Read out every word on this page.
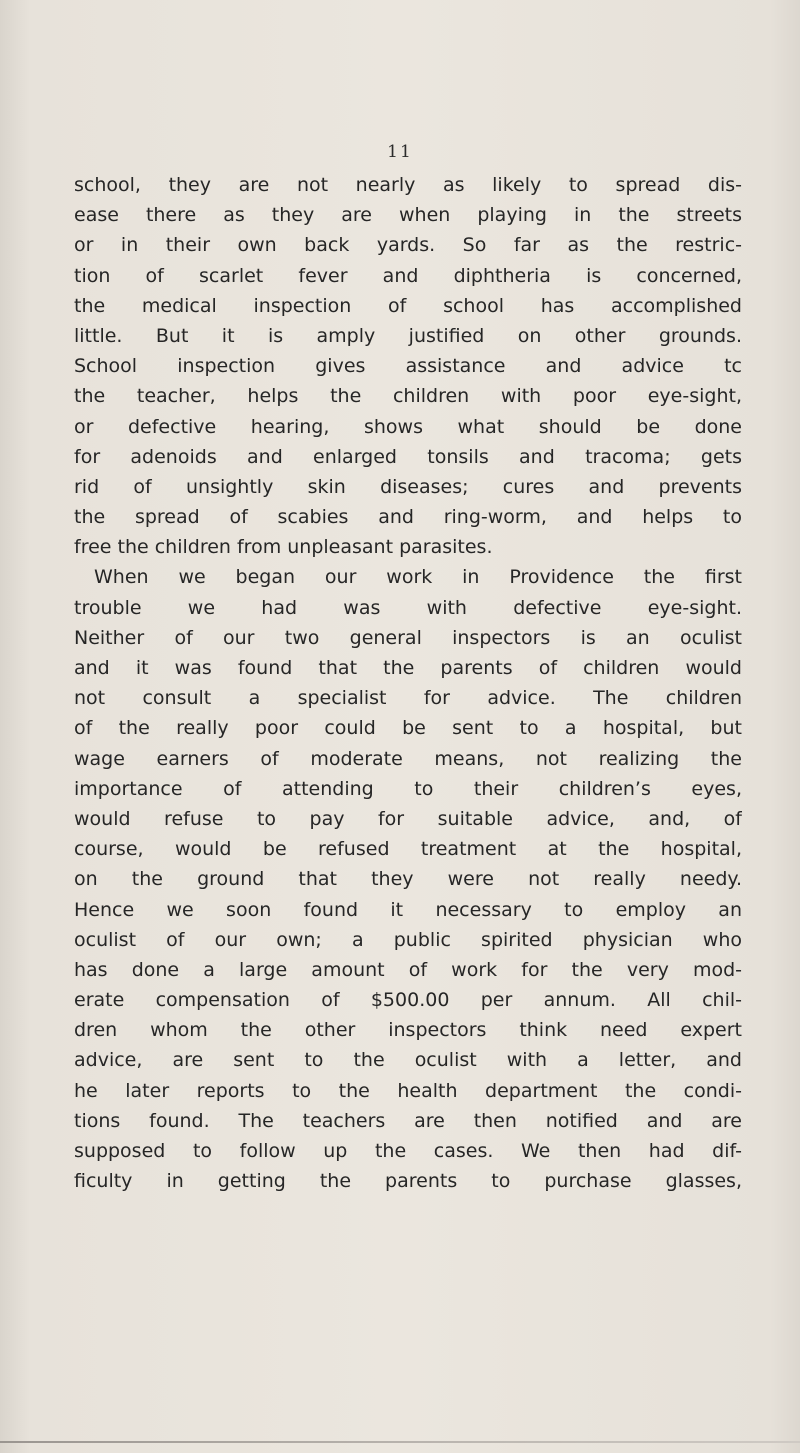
11
school, they are not nearly as likely to spread dis-
ease there as they are when playing in the streets
or in their own back yards. So far as the restric-
tion of scarlet fever and diphtheria is concerned,
the medical inspection of school has accomplished
little. But it is amply justified on other grounds.
School inspection gives assistance and advice tc
the teacher, helps the children with poor eye-sight,
or defective hearing, shows what should be done
for adenoids and enlarged tonsils and tracoma; gets
rid of unsightly skin diseases; cures and prevents
the spread of scabies and ring-worm, and helps to
free the children from unpleasant parasites.
When we began our work in Providence the first
trouble we had was with defective eye-sight.
Neither of our two general inspectors is an oculist
and it was found that the parents of children would
not consult a specialist for advice. The children
of the really poor could be sent to a hospital, but
wage earners of moderate means, not realizing the
importance of attending to their children’s eyes,
would refuse to pay for suitable advice, and, of
course, would be refused treatment at the hospital,
on the ground that they were not really needy.
Hence we soon found it necessary to employ an
oculist of our own; a public spirited physician who
has done a large amount of work for the very mod-
erate compensation of $500.00 per annum. All chil-
dren whom the other inspectors think need expert
advice, are sent to the oculist with a letter, and
he later reports to the health department the condi-
tions found. The teachers are then notified and are
supposed to follow up the cases. We then had dif-
ficulty in getting the parents to purchase glasses,
